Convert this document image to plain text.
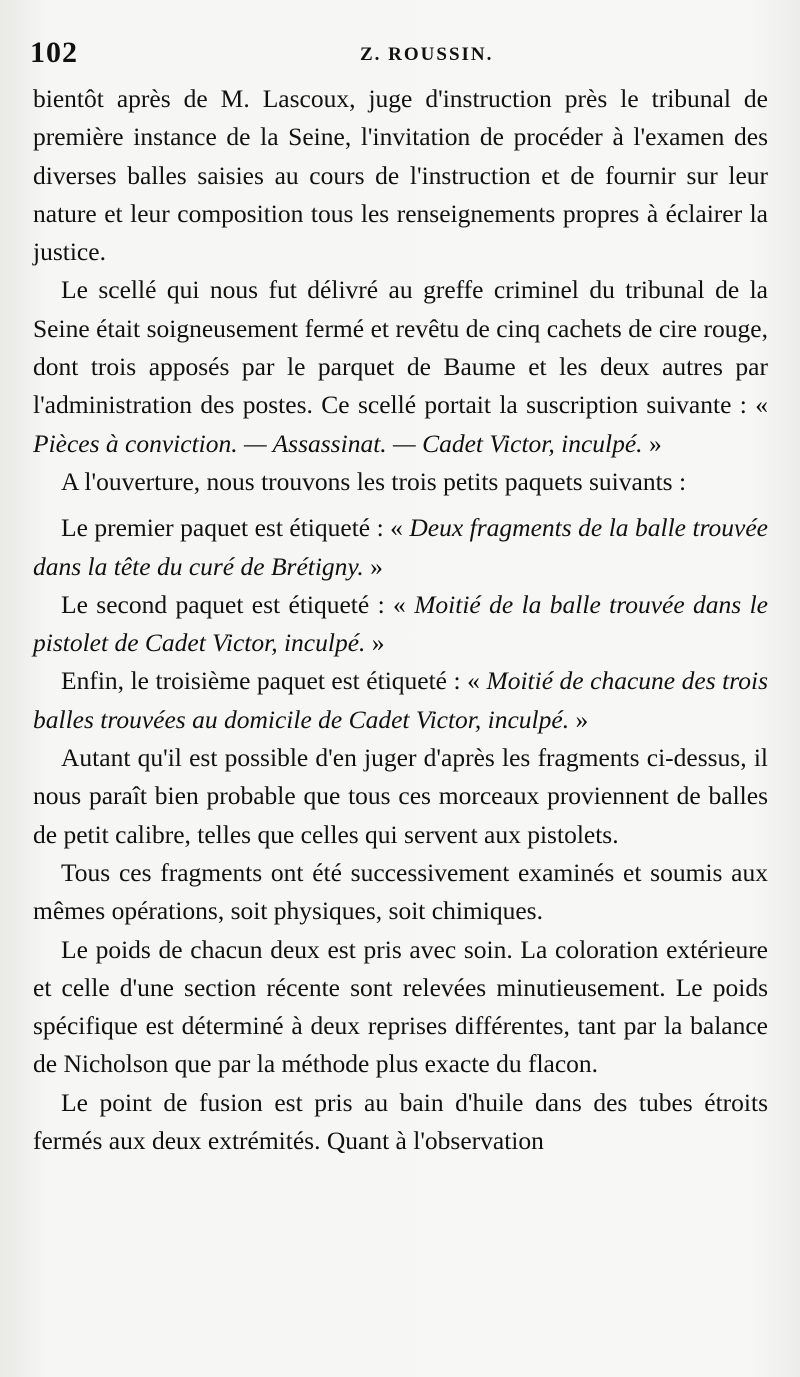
102	Z. ROUSSIN.

bientôt après de M. Lascoux, juge d'instruction près le tribunal de première instance de la Seine, l'invitation de procéder à l'examen des diverses balles saisies au cours de l'instruction et de fournir sur leur nature et leur composition tous les renseignements propres à éclairer la justice.

Le scellé qui nous fut délivré au greffe criminel du tribunal de la Seine était soigneusement fermé et revêtu de cinq cachets de cire rouge, dont trois apposés par le parquet de Baume et les deux autres par l'administration des postes. Ce scellé portait la suscription suivante : « Pièces à conviction. — Assassinat. — Cadet Victor, inculpé. »

A l'ouverture, nous trouvons les trois petits paquets suivants :

Le premier paquet est étiqueté : « Deux fragments de la balle trouvée dans la tête du curé de Brétigny. »

Le second paquet est étiqueté : « Moitié de la balle trouvée dans le pistolet de Cadet Victor, inculpé. »

Enfin, le troisième paquet est étiqueté : « Moitié de chacune des trois balles trouvées au domicile de Cadet Victor, inculpé. »

Autant qu'il est possible d'en juger d'après les fragments ci-dessus, il nous paraît bien probable que tous ces morceaux proviennent de balles de petit calibre, telles que celles qui servent aux pistolets.

Tous ces fragments ont été successivement examinés et soumis aux mêmes opérations, soit physiques, soit chimiques.

Le poids de chacun deux est pris avec soin. La coloration extérieure et celle d'une section récente sont relevées minutieusement. Le poids spécifique est déterminé à deux reprises différentes, tant par la balance de Nicholson que par la méthode plus exacte du flacon.

Le point de fusion est pris au bain d'huile dans des tubes étroits fermés aux deux extrémités. Quant à l'observation
